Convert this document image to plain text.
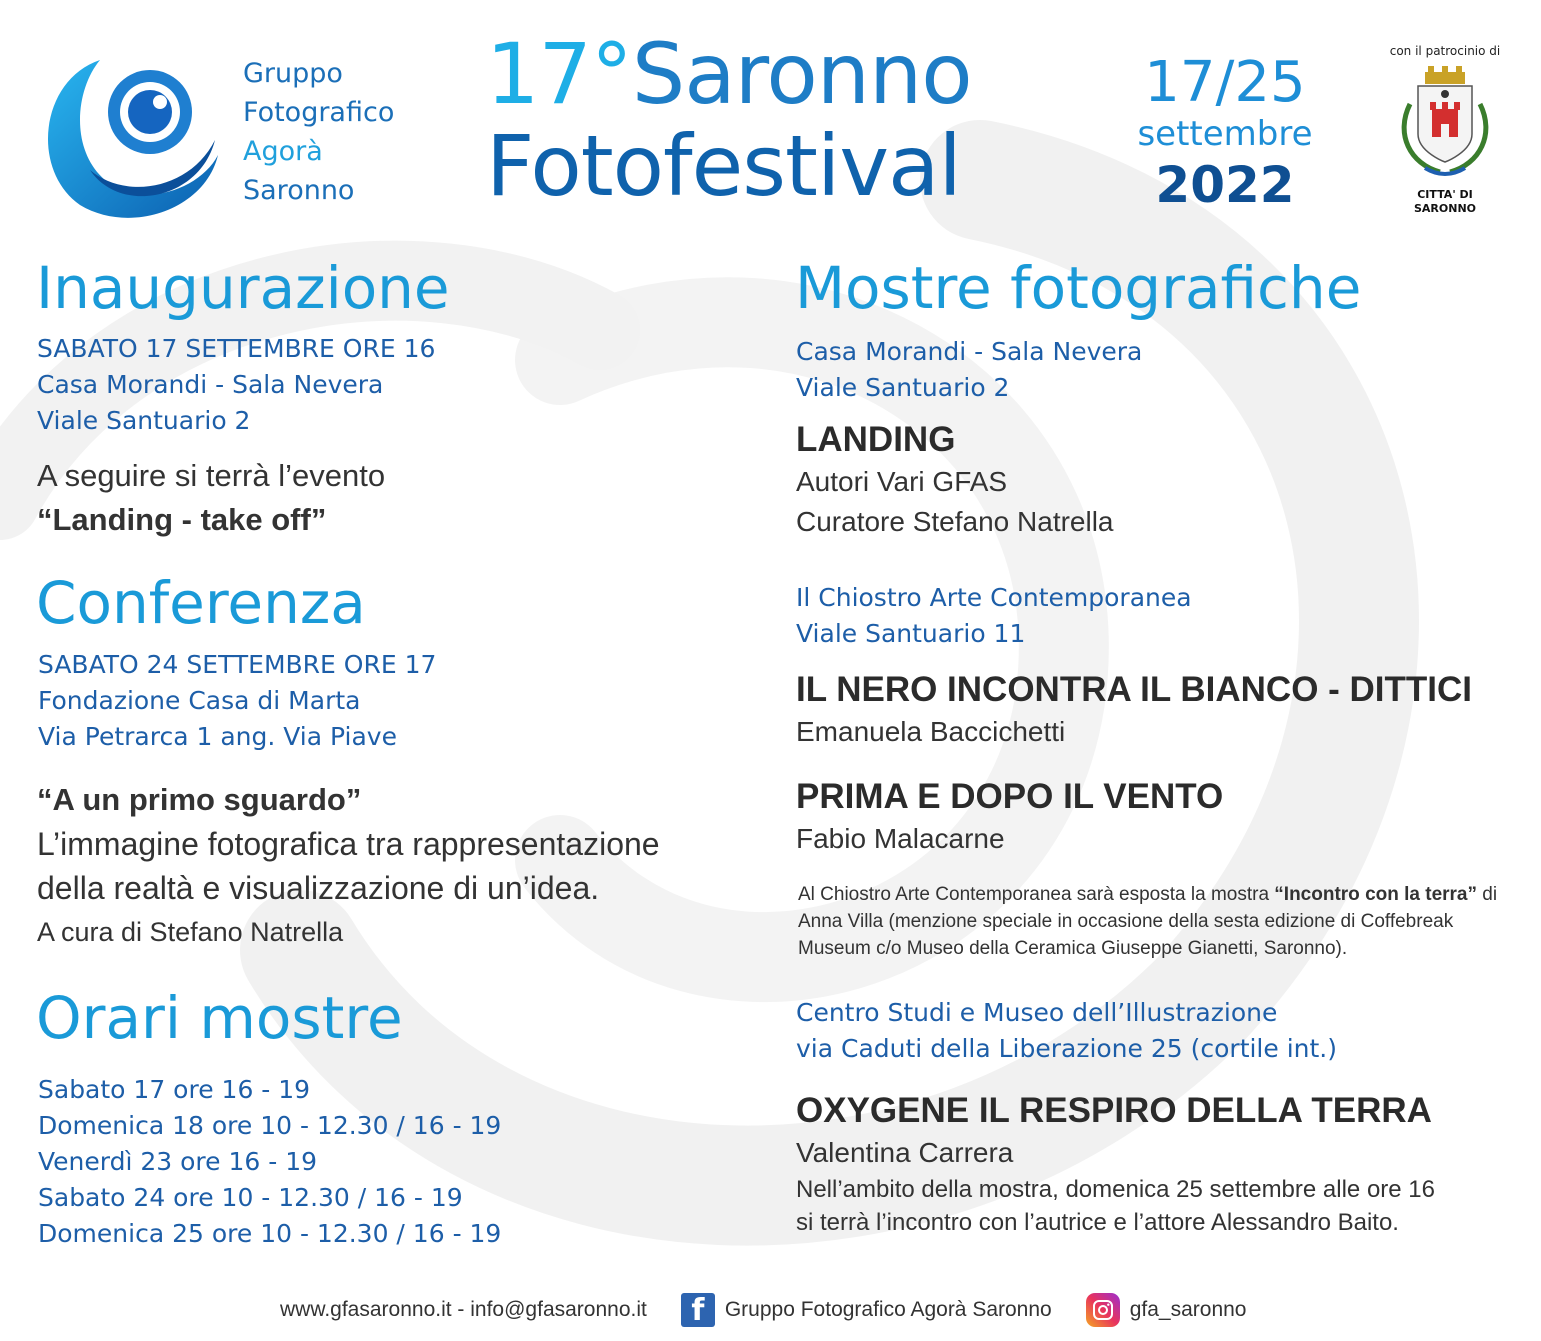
Gruppo
Fotografico
Agorà
Saronno
17°Saronno
Fotofestival
17/25
settembre
2022
con il patrocinio di
CITTA' DI
SARONNO
Inaugurazione
SABATO 17 SETTEMBRE ORE 16
Casa Morandi - Sala Nevera
Viale Santuario 2
A seguire si terrà l’evento
“Landing - take off”
Conferenza
SABATO 24 SETTEMBRE ORE 17
Fondazione Casa di Marta
Via Petrarca 1 ang. Via Piave
“A un primo sguardo”
L’immagine fotografica tra rappresentazione
della realtà e visualizzazione di un’idea.
A cura di Stefano Natrella
Orari mostre
Sabato 17 ore 16 - 19
Domenica 18 ore 10 - 12.30 / 16 - 19
Venerdì 23 ore 16 - 19
Sabato 24 ore 10 - 12.30 / 16 - 19
Domenica 25 ore 10 - 12.30 / 16 - 19
Mostre fotografiche
Casa Morandi - Sala Nevera
Viale Santuario 2
LANDING
Autori Vari GFAS
Curatore Stefano Natrella
Il Chiostro Arte Contemporanea
Viale Santuario 11
IL NERO INCONTRA IL BIANCO - DITTICI
Emanuela Baccichetti
PRIMA E DOPO IL VENTO
Fabio Malacarne
Al Chiostro Arte Contemporanea sarà esposta la mostra “Incontro con la terra” di Anna Villa (menzione speciale in occasione della sesta edizione di Coffebreak Museum c/o Museo della Ceramica Giuseppe Gianetti, Saronno).
Centro Studi e Museo dell’Illustrazione
via Caduti della Liberazione 25 (cortile int.)
OXYGENE IL RESPIRO DELLA TERRA
Valentina Carrera
Nell’ambito della mostra, domenica 25 settembre alle ore 16
si terrà l’incontro con l’autrice e l’attore Alessandro Baito.
www.gfasaronno.it - info@gfasaronno.it	f Gruppo Fotografico Agorà Saronno	gfa_saronno
